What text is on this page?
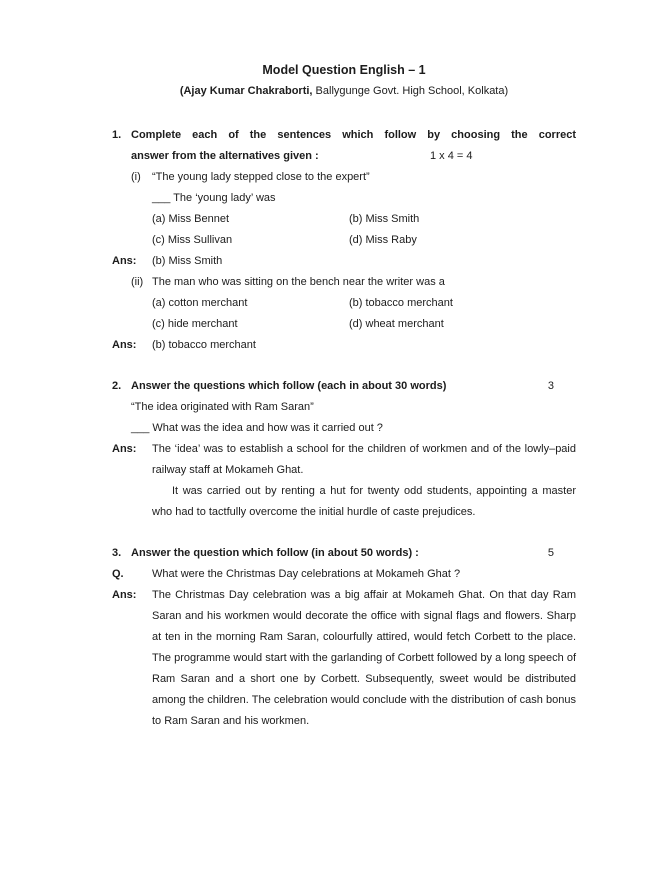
Model Question English – 1
(Ajay Kumar Chakraborti, Ballygunge Govt. High School, Kolkata)
1. Complete each of the sentences which follow by choosing the correct
answer from the alternatives given :	1 x 4 = 4
(i)	“The young lady stepped close to the expert”
___ The ‘young lady’ was
(a) Miss Bennet	(b) Miss Smith
(c) Miss Sullivan	(d) Miss Raby
Ans:	(b) Miss Smith
(ii) The man who was sitting on the bench near the writer was a
(a) cotton merchant	(b) tobacco merchant
(c) hide merchant	(d) wheat merchant
Ans:	(b) tobacco merchant
2. Answer the questions which follow (each in about 30 words)	3
“The idea originated with Ram Saran”
___ What was the idea and how was it carried out ?
Ans:	The ‘idea’ was to establish a school for the children of workmen and of the lowly–paid railway staff at Mokameh Ghat.

It was carried out by renting a hut for twenty odd students, appointing a master who had to tactfully overcome the initial hurdle of caste prejudices.

3. Answer the question which follow (in about 50 words) :	5
Q.	What were the Christmas Day celebrations at Mokameh Ghat ?
Ans:	The Christmas Day celebration was a big affair at Mokameh Ghat. On that day Ram Saran and his workmen would decorate the office with signal flags and flowers. Sharp at ten in the morning Ram Saran, colourfully attired, would fetch Corbett to the place. The programme would start with the garlanding of Corbett followed by a long speech of Ram Saran and a short one by Corbett. Subsequently, sweet would be distributed among the children. The celebration would conclude with the distribution of cash bonus to Ram Saran and his workmen.
